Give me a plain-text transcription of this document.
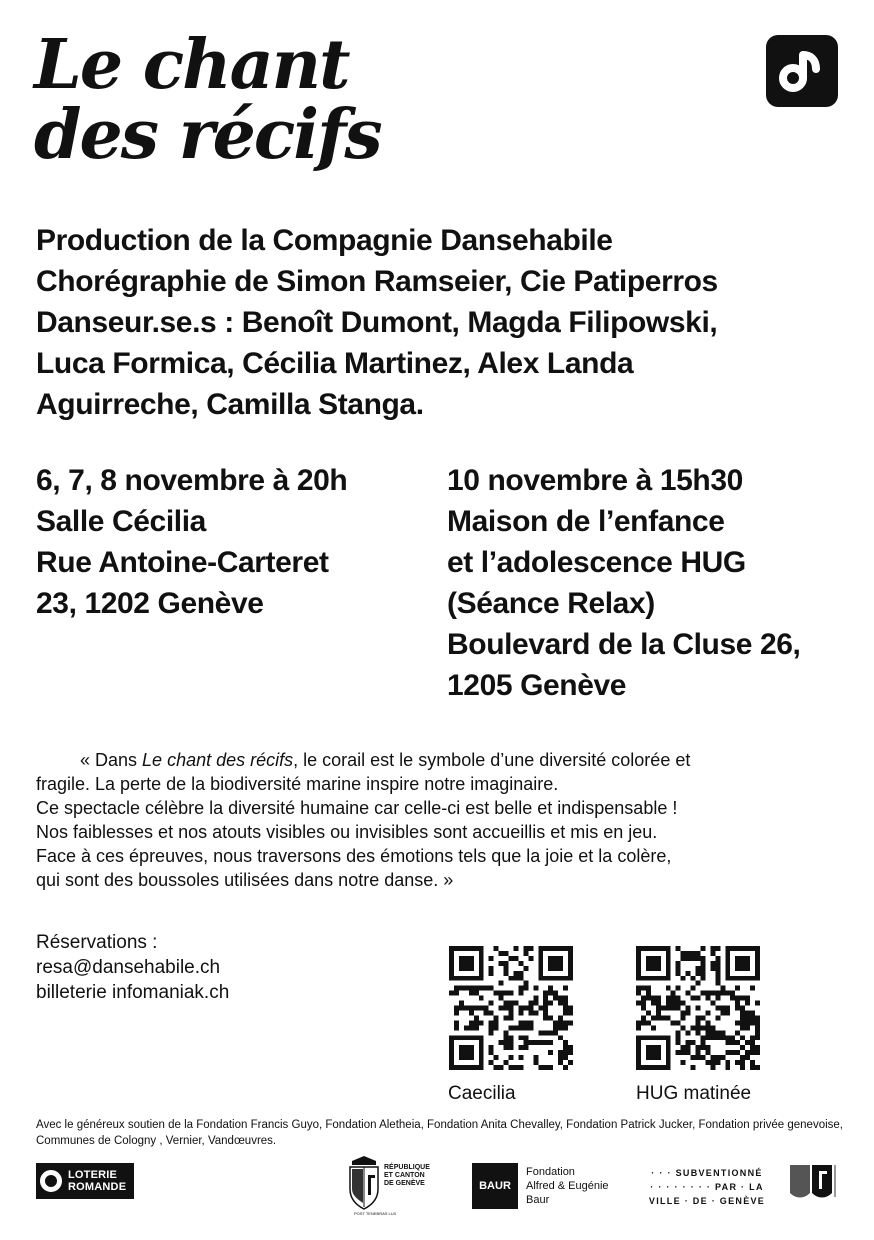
Le chant
des récifs
Production de la Compagnie Dansehabile
Chorégraphie de Simon Ramseier, Cie Patiperros
Danseur.se.s : Benoît Dumont, Magda Filipowski,
Luca Formica, Cécilia Martinez, Alex Landa
Aguirreche, Camilla Stanga.
6, 7, 8 novembre à 20h
Salle Cécilia
Rue Antoine-Carteret
23, 1202 Genève
10 novembre à 15h30
Maison de l’enfance
et l’adolescence HUG
(Séance Relax)
Boulevard de la Cluse 26,
1205 Genève
« Dans Le chant des récifs, le corail est le symbole d’une diversité colorée et
fragile. La perte de la biodiversité marine inspire notre imaginaire.
Ce spectacle célèbre la diversité humaine car celle-ci est belle et indispensable !
Nos faiblesses et nos atouts visibles ou invisibles sont accueillis et mis en jeu.
Face à ces épreuves, nous traversons des émotions tels que la joie et la colère,
qui sont des boussoles utilisées dans notre danse. »
Réservations :
resa@dansehabile.ch
billeterie infomaniak.ch
Caecilia	HUG matinée
Avec le généreux soutien de la Fondation Francis Guyo, Fondation Aletheia, Fondation Anita Chevalley, Fondation Patrick Jucker, Fondation privée genevoise, Communes de Cologny , Vernier, Vandœuvres.
LOTERIE
ROMANDE
RÉPUBLIQUE
ET CANTON
DE GENÈVE
POST TENEBRAS LUX
BAUR
Fondation
Alfred & Eugénie
Baur
· · · SUBVENTIONNÉ
· · · · · · · · PAR · LA
VILLE · DE · GENÈVE
